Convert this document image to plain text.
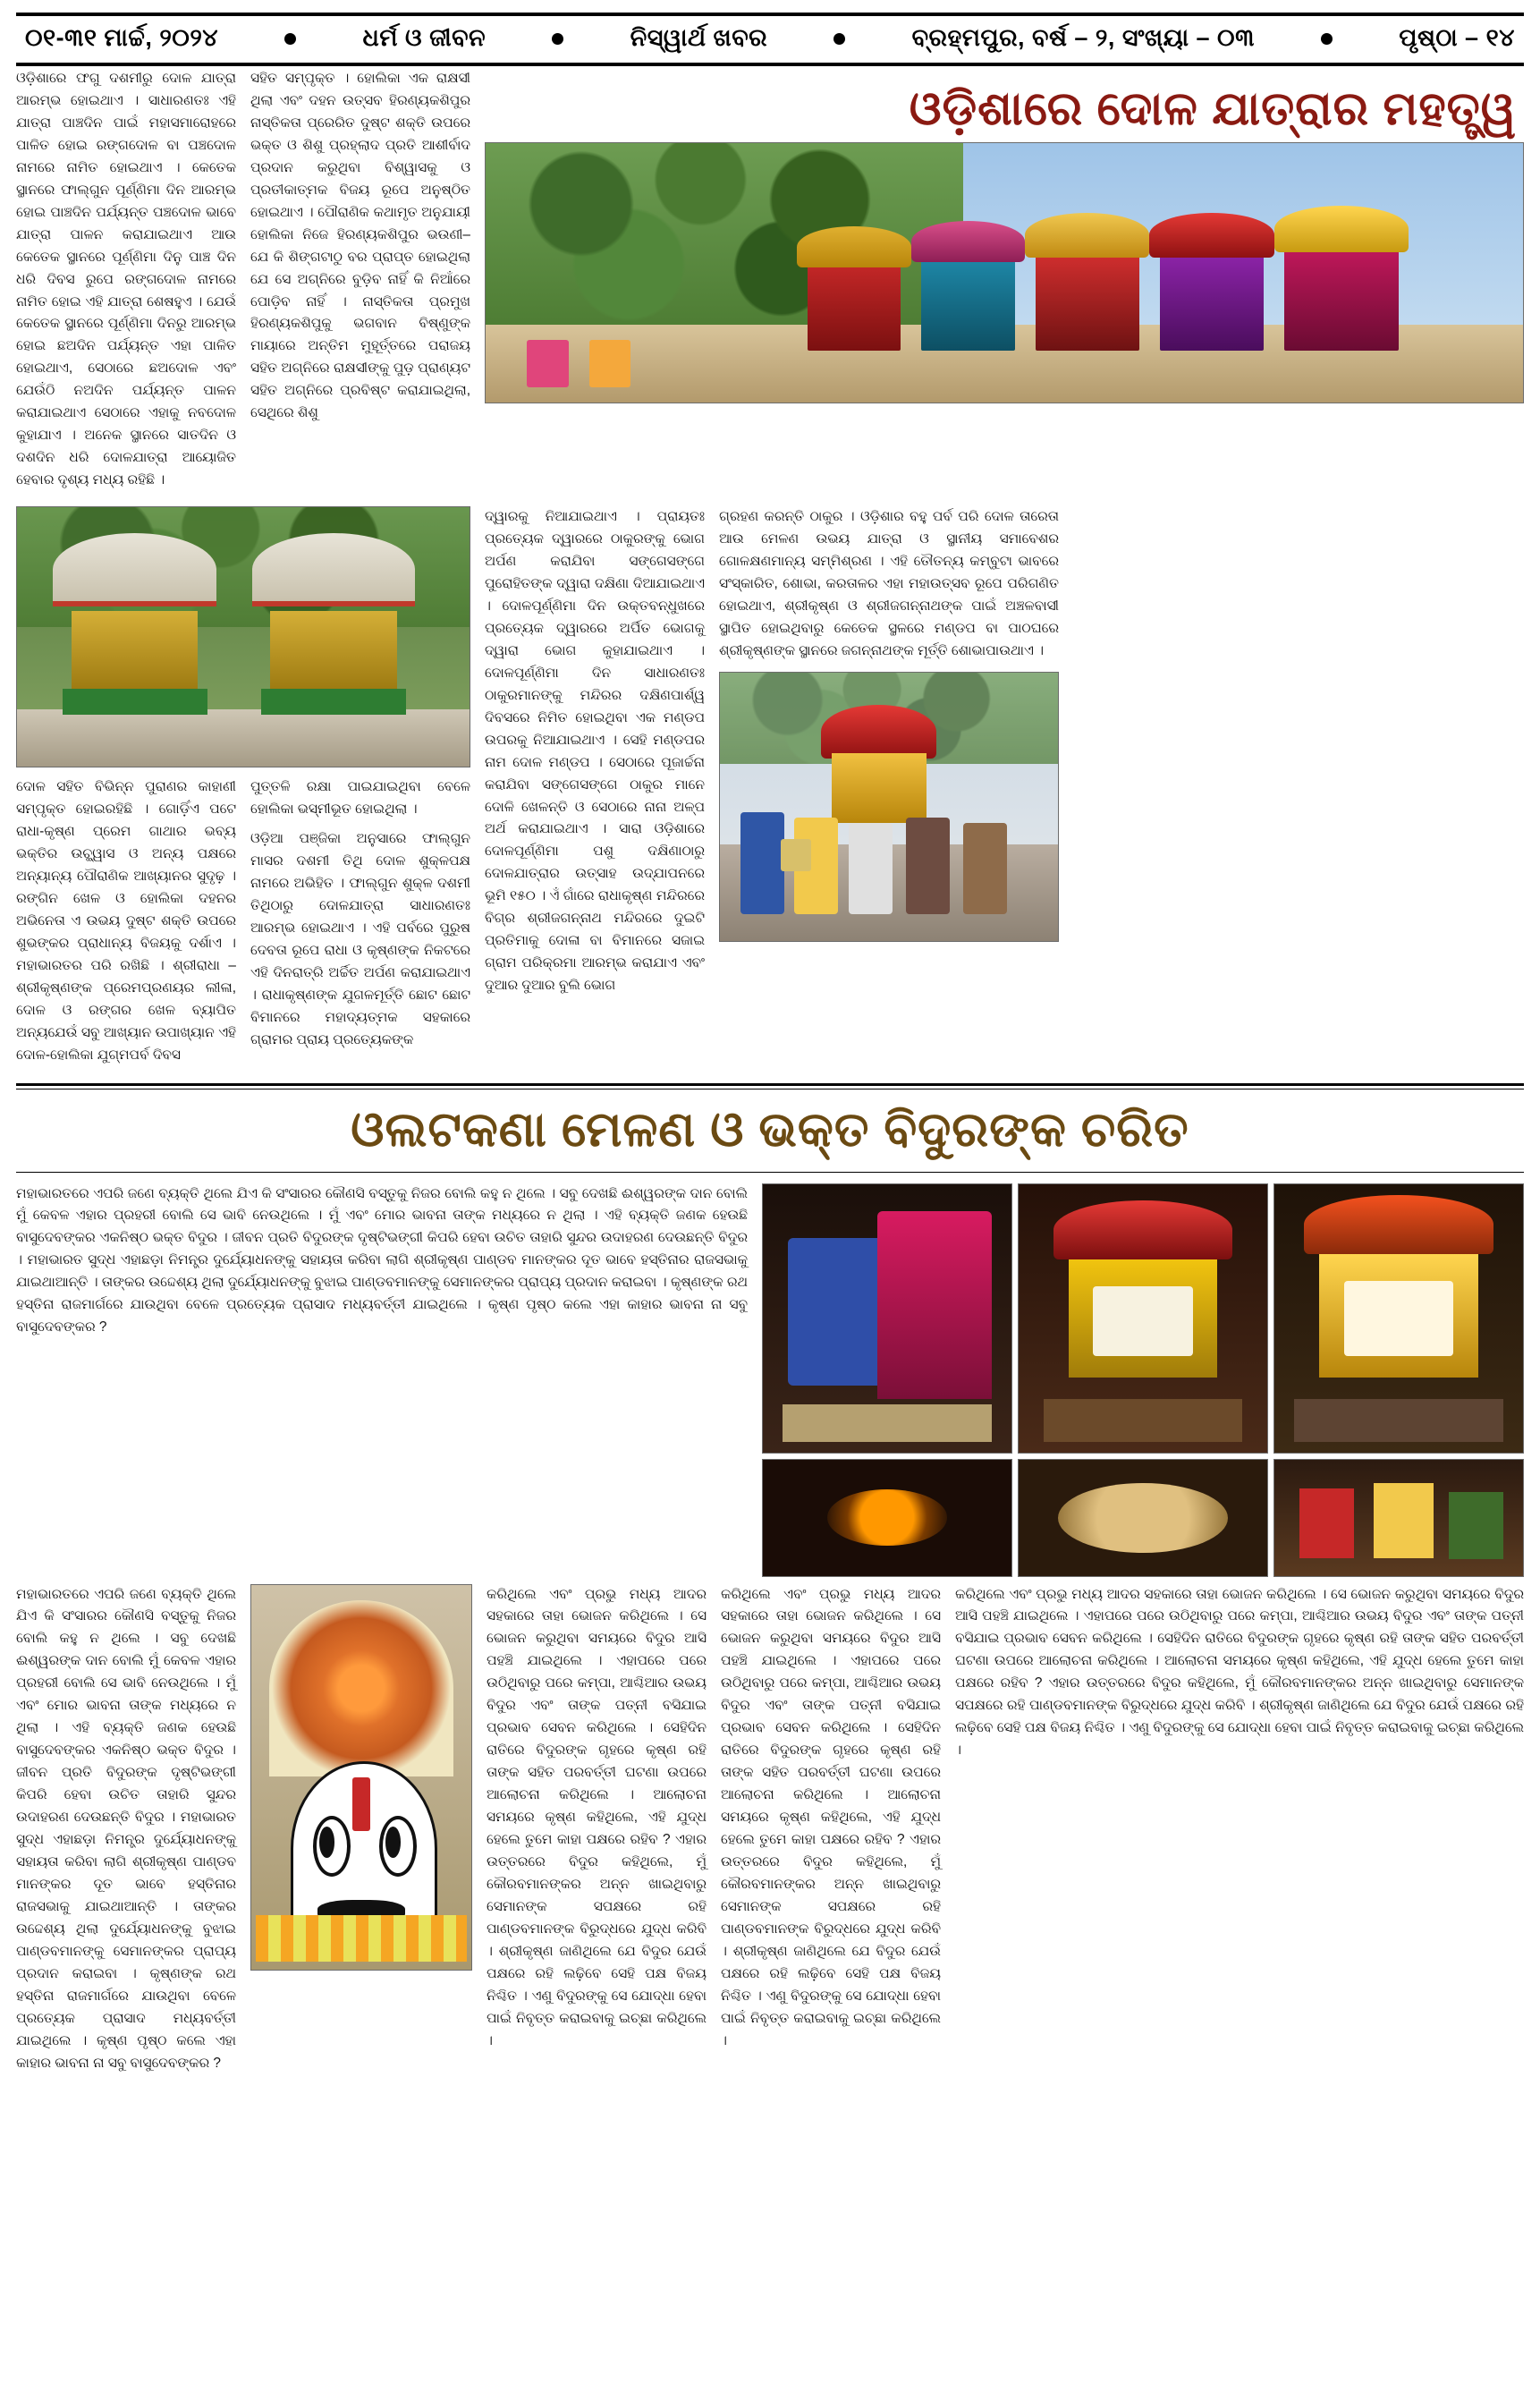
୦୧-୩୧ ମାର୍ଚ୍ଚ, ୨୦୨୪	ଧର୍ମ ଓ ଜୀବନ	ନିସ୍ୱାର୍ଥ ଖବର	ବ୍ରହ୍ମପୁର, ବର୍ଷ – ୨, ସଂଖ୍ୟା – ୦୩	ପୃଷ୍ଠା – ୧୪

ଓଡ଼ିଶାରେ ଫଗୁ ଦଶମୀରୁ ଦୋଳ ଯାତ୍ରା ଆରମ୍ଭ ହୋଇଥାଏ । ସାଧାରଣତଃ ଏହି ଯାତ୍ରା ପାଞ୍ଚଦିନ ପାଇଁ ମହାସମାରୋହରେ ପାଳିତ ହୋଇ ରଙ୍ଗଦୋଳ ବା ପଞ୍ଚଦୋଳ ନାମରେ ନାମିତ ହୋଇଥାଏ । କେତେକ ସ୍ଥାନରେ ଫାଲ୍‌ଗୁନ ପୂର୍ଣ୍ଣିମା ଦିନ ଆରମ୍ଭ ହୋଇ ପାଞ୍ଚଦିନ ପର୍ଯ୍ୟନ୍ତ ପଞ୍ଚଦୋଳ ଭାବେ ଯାତ୍ରା ପାଳନ କରାଯାଇଥାଏ ଆଉ କେତେକ ସ୍ଥାନରେ ପୂର୍ଣ୍ଣିମା ଦିନୁ ପାଞ୍ଚ ଦିନ ଧରି ଦିବସ ରୁପେ ରଙ୍ଗଦୋଳ ନାମରେ ନାମିତ ହୋଇ ଏହି ଯାତ୍ରା ଶେଷହୁଏ । ଯେଉଁ କେତେକ ସ୍ଥାନରେ ପୂର୍ଣ୍ଣିମା ଦିନରୁ ଆରମ୍ଭ ହୋଇ ଛଅଦିନ ପର୍ଯ୍ୟନ୍ତ ଏହା ପାଳିତ ହୋଇଥାଏ, ସେଠାରେ ଛଅଦୋଳ ଏବଂ ଯେଉଁଠି ନଅଦିନ ପର୍ଯ୍ୟନ୍ତ ପାଳନ କରାଯାଇଥାଏ ସେଠାରେ ଏହାକୁ ନବଦୋଳ କୁହାଯାଏ । ଅନେକ ସ୍ଥାନରେ ସାତଦିନ ଓ ଦଶଦିନ ଧରି ଦୋଳଯାତ୍ରା ଆୟୋଜିତ ହେବାର ଦୃଶ୍ୟ ମଧ୍ୟ ରହିଛି ।

ସହିତ ସମ୍ପୃକ୍ତ । ହୋଲିକା ଏକ ରାକ୍ଷସୀ ଥିଲା ଏବଂ ଦହନ ଉତ୍ସବ ହିରଣ୍ୟକଶିପୁର ନାସ୍ତିକତା ପ୍ରେରିତ ଦୁଷ୍ଟ ଶକ୍ତି ଉପରେ ଭକ୍ତ ଓ ଶିଶୁ ପ୍ରହ୍ଲାଦ ପ୍ରତି ଆଶୀର୍ବାଦ ପ୍ରଦାନ କରୁଥିବା ବିଶ୍ୱାସକୁ ଓ ପ୍ରତୀକାତ୍ମକ ବିଜୟ ରୂପେ ଅନୁଷ୍ଠିତ ହୋଇଥାଏ । ପୌରାଣିକ କଥାମୃତ ଅନୁଯାୟୀ ହୋଲିକା ନିଜେ ହିରଣ୍ୟକଶିପୁର ଭଉଣୀ– ଯେ କି ଶିଙ୍ଗଟାଠୁ ବର ପ୍ରାପ୍ତ ହୋଇଥିଲା ଯେ ସେ ଅଗ୍ନିରେ ବୁଡ଼ିବ ନାହିଁ କି ନିଆଁରେ ପୋଡ଼ିବ ନାହିଁ । ନାସ୍ତିକତା ପ୍ରମୁଖ ହିରଣ୍ୟକଶିପୁକୁ ଭଗବାନ ବିଷ୍ଣୁଙ୍କ ମାୟାରେ ଅନ୍ତିମ ମୁହୂର୍ତ୍ତରେ ପରାଜୟ ସହିତ ଅଗ୍ନିରେ ରାକ୍ଷସୀଙ୍କୁ ପୁଡ଼ ପ୍ରାଣ୍ୟଟ ସହିତ ଅଗ୍ନିରେ ପ୍ରବିଷ୍ଟ କରାଯାଇଥିଲା, ସେଥିରେ ଶିଶୁ

ଓଡ଼ିଶାରେ ଦୋଳ ଯାତ୍ରାର ମହତ୍ତ୍ୱ

ଦୋଳ ସହିତ ବିଭିନ୍ନ ପୁରାଣର କାହାଣୀ ସମ୍ପୃକ୍ତ ହୋଇରହିଛି । ଗୋଡ଼ିଁଏ ପଟେ ରାଧା-କୃଷ୍ଣ ପ୍ରେମ ଗାଥାର ଭବ୍ୟ ଭକ୍ତିର ଉଚ୍ଛ୍ୱାସ ଓ ଅନ୍ୟ ପକ୍ଷରେ ଅନ୍ୟାନ୍ୟ ପୌରାଣିକ ଆଖ୍ୟାନର ସୁଦୃଢ଼ । ରଙ୍ଗିନ ଖେଳ ଓ ହୋଲିକା ଦହନର ଅଭିନେତା ଏ ଉଭୟ ଦୁଷ୍ଟ ଶକ୍ତି ଉପରେ ଶୁଭଙ୍କର ପ୍ରାଧାନ୍ୟ ବିଜୟକୁ ଦର୍ଶାଏ । ମହାଭାରତର ପରି ରଖିଛି । ଶ୍ରୀରାଧା – ଶ୍ରୀକୃଷ୍ଣଙ୍କ ପ୍ରେମପ୍ରଣୟର ଲୀଳା, ଦୋଳ ଓ ରଙ୍ଗର ଖେଳ ବ୍ୟାପିତ ଅନ୍ୟଯେଉଁ ସବୁ ଆଖ୍ୟାନ ଉପାଖ୍ୟାନ ଏହି ଦୋଳ-ହୋଲିକା ଯୁଗ୍ମପର୍ବ ଦିବସ

ପୁତ୍ତଳି ରକ୍ଷା ପାଇଯାଇଥିବା ବେଳେ ହୋଲିକା ଭସ୍ମୀଭୂତ ହୋଇଥିଲା ।

ଓଡ଼ିଆ ପଞ୍ଜିକା ଅନୁସାରେ ଫାଲ୍‌ଗୁନ ମାସର ଦଶମୀ ତିଥି ଦୋଳ ଶୁକ୍ଳପକ୍ଷ ନାମରେ ଅଭିହିତ । ଫାଲ୍‌ଗୁନ ଶୁକ୍ଳ ଦଶମୀ ତିଥିଠାରୁ ଦୋଳଯାତ୍ରା ସାଧାରଣତଃ ଆରମ୍ଭ ହୋଇଥାଏ । ଏହି ପର୍ବରେ ପୁରୁଷ ଦେବତା ରୂପେ ରାଧା ଓ କୃଷ୍ଣଙ୍କ ନିକଟରେ ଏହି ଦିନରାତ୍ରି ଅର୍ଚ୍ଚିତ ଅର୍ପଣ କରାଯାଇଥାଏ । ରାଧାକୃଷ୍ଣଙ୍କ ଯୁଗଳମୂର୍ତ୍ତି ଛୋଟ ଛୋଟ ବିମାନରେ ମହାଦ୍ୟତ୍ମକ ସହକାରେ ଗ୍ରାମର ପ୍ରାୟ ପ୍ରତ୍ୟେକଙ୍କ

ଦ୍ୱାରକୁ ନିଆଯାଇଥାଏ । ପ୍ରାୟତଃ ପ୍ରତ୍ୟେକ ଦ୍ୱାରରେ ଠାକୁରଙ୍କୁ ଭୋଗ ଅର୍ପଣ କରାଯିବା ସଙ୍ଗେସଙ୍ଗେ ପୁରୋହିତଙ୍କ ଦ୍ୱାରା ଦକ୍ଷିଣା ଦିଆଯାଇଥାଏ । ଦୋଳପୂର୍ଣ୍ଣିମା ଦିନ ଉକ୍ତବନ୍ଧୁଖରେ ପ୍ରତ୍ୟେକ ଦ୍ୱାରରେ ଅର୍ପିତ ଭୋଗକୁ ଦ୍ୱାରା ଭୋଗ କୁହାଯାଇଥାଏ । ଦୋଳପୂର୍ଣ୍ଣିମା ଦିନ ସାଧାରଣତଃ ଠାକୁରମାନଙ୍କୁ ମନ୍ଦିରର ଦକ୍ଷିଣପାର୍ଶ୍ୱ ଦିବସରେ ନିମିତ ହୋଇଥିବା ଏକ ମଣ୍ଡପ ଉପରକୁ ନିଆଯାଇଥାଏ । ସେହି ମଣ୍ଡପର ନାମ ଦୋଳ ମଣ୍ଡପ । ସେଠାରେ ପୂଜାର୍ଚ୍ଚନା କରାଯିବା ସଙ୍ଗେସଙ୍ଗେ ଠାକୁର ମାନେ ଦୋଳି ଖେଳନ୍ତି ଓ ସେଠାରେ ନାନା ଅଳ୍ପ ଅର୍ଥ କରାଯାଇଥାଏ । ସାରା ଓଡ଼ିଶାରେ ଦୋଳପୂର୍ଣ୍ଣିମା ପଶୁ ଦକ୍ଷିଣାଠାରୁ ଦୋଳଯାତ୍ରାର ଉତ୍ସାହ ଉଦ୍‌ଯାପନରେ ଭୂମି ୧୫୦ । ଏଁ ଗାଁରେ ରାଧାକୃଷ୍ଣ ମନ୍ଦିରରେ ବିଗ୍ର ଶ୍ରୀଜଗନ୍ନାଥ ମନ୍ଦିରରେ ଦୁଇଟି ପ୍ରତିମାକୁ ଦୋଳା ବା ବିମାନରେ ସଜାଇ ଗ୍ରାମ ପରିକ୍ରମା ଆରମ୍ଭ କରାଯାଏ ଏବଂ ଦୁଆର ଦୁଆର ବୁଲି ଭୋଗ

ଗ୍ରହଣ କରନ୍ତି ଠାକୁର । ଓଡ଼ିଶାର ବହୁ ପର୍ବ ପରି ଦୋଳ ତାରେତା ଆଉ ମେଳଣ ଉଭୟ ଯାତ୍ରା ଓ ସ୍ଥାନୀୟ ସମାବେଶର ଗୋଳକ୍ଷଣମାନ୍ୟ ସମ୍ମିଶ୍ରଣ । ଏହି ତୌତନ୍ୟ କମ୍ବୁଟା ଭାବରେ ସଂସ୍କାରିତ, ଶୋଭା, କରତାଳର ଏହା ମହାଉତ୍ସବ ରୂପେ ପରିଗଣିତ ହୋଇଥାଏ, ଶ୍ରୀକୃଷ୍ଣ ଓ ଶ୍ରୀଜଗନ୍ନାଥଙ୍କ ପାଇଁ ଅଞ୍ଚଳବାସୀ ସ୍ଥାପିତ ହୋଇଥିବାରୁ କେତେକ ସ୍ଥଳରେ ମଣ୍ଡପ ବା ପାଠଘରେ ଶ୍ରୀକୃଷ୍ଣଙ୍କ ସ୍ଥାନରେ ଜଗନ୍ନାଥଙ୍କ ମୂର୍ତ୍ତି ଶୋଭାପାଉଥାଏ ।

ଓଲଟକଣା ମେଳଣ ଓ ଭକ୍ତ ବିଦୁରଙ୍କ ଚରିତ

ମହାଭାରତରେ ଏପରି ଜଣେ ବ୍ୟକ୍ତି ଥିଲେ ଯିଏ କି ସଂସାରର କୌଣସି ବସ୍ତୁକୁ ନିଜର ବୋଲି କହୁ ନ ଥିଲେ । ସବୁ ଦେଖଛି ଈଶ୍ୱରଙ୍କ ଦାନ ବୋଲି ମୁଁ କେବଳ ଏହାର ପ୍ରହରୀ ବୋଲି ସେ ଭାବି ନେଉଥିଲେ । ମୁଁ ଏବଂ ମୋର ଭାବନା ତାଙ୍କ ମଧ୍ୟରେ ନ ଥିଲା । ଏହି ବ୍ୟକ୍ତି ଜଣକ ହେଉଛି ବାସୁଦେବଙ୍କର ଏକନିଷ୍ଠ ଭକ୍ତ ବିଦୁର । ଜୀବନ ପ୍ରତି ବିଦୁରଙ୍କ ଦୃଷ୍ଟିଭଙ୍ଗୀ କିପରି ହେବା ଉଚିତ ତାହାରି ସୁନ୍ଦର ଉଦାହରଣ ଦେଉଛନ୍ତି ବିଦୁର । ମହାଭାରତ ସୁଦ୍ଧ ଏହାଛଡ଼ା ନିମନ୍ତ୍ର ଦୁର୍ଯ୍ୟୋଧନଙ୍କୁ ସହାୟତା କରିବା ଲାଗି ଶ୍ରୀକୃଷ୍ଣ ପାଣ୍ଡବ ମାନଙ୍କର ଦୂତ ଭାବେ ହସ୍ତିନାର ରାଜସଭାକୁ ଯାଇଥାଆନ୍ତି । ତାଙ୍କର ଉଦ୍ଦେଶ୍ୟ ଥିଲା ଦୁର୍ଯ୍ୟୋଧନଙ୍କୁ ବୁଝାଇ ପାଣ୍ଡବମାନଙ୍କୁ ସେମାନଙ୍କର ପ୍ରାପ୍ୟ ପ୍ରଦାନ କରାଇବା । କୃଷ୍ଣଙ୍କ ରଥ ହସ୍ତିନା ରାଜମାର୍ଗରେ ଯାଉଥିବା ବେଳେ ପ୍ରତ୍ୟେକ ପ୍ରାସାଦ ମଧ୍ୟବର୍ତ୍ତୀ ଯାଇଥିଲେ । କୃଷ୍ଣ ପୃଷ୍ଠ କଲେ ଏହା କାହାର ଭାବନା ନା ସବୁ ବାସୁଦେବଙ୍କର ?

ମହାଭାରତରେ ଏପରି ଜଣେ ବ୍ୟକ୍ତି ଥିଲେ ଯିଏ କି ସଂସାରର କୌଣସି ବସ୍ତୁକୁ ନିଜର ବୋଲି କହୁ ନ ଥିଲେ । ସବୁ ଦେଖଛି ଈଶ୍ୱରଙ୍କ ଦାନ ବୋଲି ମୁଁ କେବଳ ଏହାର ପ୍ରହରୀ ବୋଲି ସେ ଭାବି ନେଉଥିଲେ । ମୁଁ ଏବଂ ମୋର ଭାବନା ତାଙ୍କ ମଧ୍ୟରେ ନ ଥିଲା । ଏହି ବ୍ୟକ୍ତି ଜଣକ ହେଉଛି ବାସୁଦେବଙ୍କର ଏକନିଷ୍ଠ ଭକ୍ତ ବିଦୁର । ଜୀବନ ପ୍ରତି ବିଦୁରଙ୍କ ଦୃଷ୍ଟିଭଙ୍ଗୀ କିପରି ହେବା ଉଚିତ ତାହାରି ସୁନ୍ଦର ଉଦାହରଣ ଦେଉଛନ୍ତି ବିଦୁର । ମହାଭାରତ ସୁଦ୍ଧ ଏହାଛଡ଼ା ନିମନ୍ତ୍ର ଦୁର୍ଯ୍ୟୋଧନଙ୍କୁ ସହାୟତା କରିବା ଲାଗି ଶ୍ରୀକୃଷ୍ଣ ପାଣ୍ଡବ ମାନଙ୍କର ଦୂତ ଭାବେ ହସ୍ତିନାର ରାଜସଭାକୁ ଯାଇଥାଆନ୍ତି । ତାଙ୍କର ଉଦ୍ଦେଶ୍ୟ ଥିଲା ଦୁର୍ଯ୍ୟୋଧନଙ୍କୁ ବୁଝାଇ ପାଣ୍ଡବମାନଙ୍କୁ ସେମାନଙ୍କର ପ୍ରାପ୍ୟ ପ୍ରଦାନ କରାଇବା । କୃଷ୍ଣଙ୍କ ରଥ ହସ୍ତିନା ରାଜମାର୍ଗରେ ଯାଉଥିବା ବେଳେ ପ୍ରତ୍ୟେକ ପ୍ରାସାଦ ମଧ୍ୟବର୍ତ୍ତୀ ଯାଇଥିଲେ । କୃଷ୍ଣ ପୃଷ୍ଠ କଲେ ଏହା କାହାର ଭାବନା ନା ସବୁ ବାସୁଦେବଙ୍କର ?

କରିଥିଲେ ଏବଂ ପ୍ରଭୁ ମଧ୍ୟ ଆଦର ସହକାରେ ତାହା ଭୋଜନ କରିଥିଲେ । ସେ ଭୋଜନ କରୁଥିବା ସମୟରେ ବିଦୁର ଆସି ପହଞ୍ଚି ଯାଇଥିଲେ । ଏହାପରେ ପରେ ଉଠିଥିବାରୁ ପରେ କମ୍ପା, ଆଶ୍ଚିଆର ଉଭୟ ବିଦୁର ଏବଂ ତାଙ୍କ ପତ୍ନୀ ବସିଯାଇ ପ୍ରଭାବ ସେବନ କରିଥିଲେ । ସେହିଦିନ ରାତିରେ ବିଦୁରଙ୍କ ଗୃହରେ କୃଷ୍ଣ ରହି ତାଙ୍କ ସହିତ ପରବର୍ତ୍ତୀ ଘଟଣା ଉପରେ ଆଲୋଚନା କରିଥିଲେ । ଆଲୋଚନା ସମୟରେ କୃଷ୍ଣ କହିଥିଲେ, ଏହି ଯୁଦ୍ଧ ହେଲେ ତୁମେ କାହା ପକ୍ଷରେ ରହିବ ? ଏହାର ଉତ୍ତରରେ ବିଦୁର କହିଥିଲେ, ମୁଁ କୌରବମାନଙ୍କର ଅନ୍ନ ଖାଇଥିବାରୁ ସେମାନଙ୍କ ସପକ୍ଷରେ ରହି ପାଣ୍ଡବମାନଙ୍କ ବିରୁଦ୍ଧରେ ଯୁଦ୍ଧ କରିବି । ଶ୍ରୀକୃଷ୍ଣ ଜାଣିଥିଲେ ଯେ ବିଦୁର ଯେଉଁ ପକ୍ଷରେ ରହି ଲଢ଼ିବେ ସେହି ପକ୍ଷ ବିଜୟ ନିଶ୍ଚିତ । ଏଣୁ ବିଦୁରଙ୍କୁ ସେ ଯୋଦ୍ଧା ହେବା ପାଇଁ ନିବୃତ୍ତ କରାଇବାକୁ ଇଚ୍ଛା କରିଥିଲେ ।

କରିଥିଲେ ଏବଂ ପ୍ରଭୁ ମଧ୍ୟ ଆଦର ସହକାରେ ତାହା ଭୋଜନ କରିଥିଲେ । ସେ ଭୋଜନ କରୁଥିବା ସମୟରେ ବିଦୁର ଆସି ପହଞ୍ଚି ଯାଇଥିଲେ । ଏହାପରେ ପରେ ଉଠିଥିବାରୁ ପରେ କମ୍ପା, ଆଶ୍ଚିଆର ଉଭୟ ବିଦୁର ଏବଂ ତାଙ୍କ ପତ୍ନୀ ବସିଯାଇ ପ୍ରଭାବ ସେବନ କରିଥିଲେ । ସେହିଦିନ ରାତିରେ ବିଦୁରଙ୍କ ଗୃହରେ କୃଷ୍ଣ ରହି ତାଙ୍କ ସହିତ ପରବର୍ତ୍ତୀ ଘଟଣା ଉପରେ ଆଲୋଚନା କରିଥିଲେ । ଆଲୋଚନା ସମୟରେ କୃଷ୍ଣ କହିଥିଲେ, ଏହି ଯୁଦ୍ଧ ହେଲେ ତୁମେ କାହା ପକ୍ଷରେ ରହିବ ? ଏହାର ଉତ୍ତରରେ ବିଦୁର କହିଥିଲେ, ମୁଁ କୌରବମାନଙ୍କର ଅନ୍ନ ଖାଇଥିବାରୁ ସେମାନଙ୍କ ସପକ୍ଷରେ ରହି ପାଣ୍ଡବମାନଙ୍କ ବିରୁଦ୍ଧରେ ଯୁଦ୍ଧ କରିବି । ଶ୍ରୀକୃଷ୍ଣ ଜାଣିଥିଲେ ଯେ ବିଦୁର ଯେଉଁ ପକ୍ଷରେ ରହି ଲଢ଼ିବେ ସେହି ପକ୍ଷ ବିଜୟ ନିଶ୍ଚିତ । ଏଣୁ ବିଦୁରଙ୍କୁ ସେ ଯୋଦ୍ଧା ହେବା ପାଇଁ ନିବୃତ୍ତ କରାଇବାକୁ ଇଚ୍ଛା କରିଥିଲେ ।

କରିଥିଲେ ଏବଂ ପ୍ରଭୁ ମଧ୍ୟ ଆଦର ସହକାରେ ତାହା ଭୋଜନ କରିଥିଲେ । ସେ ଭୋଜନ କରୁଥିବା ସମୟରେ ବିଦୁର ଆସି ପହଞ୍ଚି ଯାଇଥିଲେ । ଏହାପରେ ପରେ ଉଠିଥିବାରୁ ପରେ କମ୍ପା, ଆଶ୍ଚିଆର ଉଭୟ ବିଦୁର ଏବଂ ତାଙ୍କ ପତ୍ନୀ ବସିଯାଇ ପ୍ରଭାବ ସେବନ କରିଥିଲେ । ସେହିଦିନ ରାତିରେ ବିଦୁରଙ୍କ ଗୃହରେ କୃଷ୍ଣ ରହି ତାଙ୍କ ସହିତ ପରବର୍ତ୍ତୀ ଘଟଣା ଉପରେ ଆଲୋଚନା କରିଥିଲେ । ଆଲୋଚନା ସମୟରେ କୃଷ୍ଣ କହିଥିଲେ, ଏହି ଯୁଦ୍ଧ ହେଲେ ତୁମେ କାହା ପକ୍ଷରେ ରହିବ ? ଏହାର ଉତ୍ତରରେ ବିଦୁର କହିଥିଲେ, ମୁଁ କୌରବମାନଙ୍କର ଅନ୍ନ ଖାଇଥିବାରୁ ସେମାନଙ୍କ ସପକ୍ଷରେ ରହି ପାଣ୍ଡବମାନଙ୍କ ବିରୁଦ୍ଧରେ ଯୁଦ୍ଧ କରିବି । ଶ୍ରୀକୃଷ୍ଣ ଜାଣିଥିଲେ ଯେ ବିଦୁର ଯେଉଁ ପକ୍ଷରେ ରହି ଲଢ଼ିବେ ସେହି ପକ୍ଷ ବିଜୟ ନିଶ୍ଚିତ । ଏଣୁ ବିଦୁରଙ୍କୁ ସେ ଯୋଦ୍ଧା ହେବା ପାଇଁ ନିବୃତ୍ତ କରାଇବାକୁ ଇଚ୍ଛା କରିଥିଲେ ।
